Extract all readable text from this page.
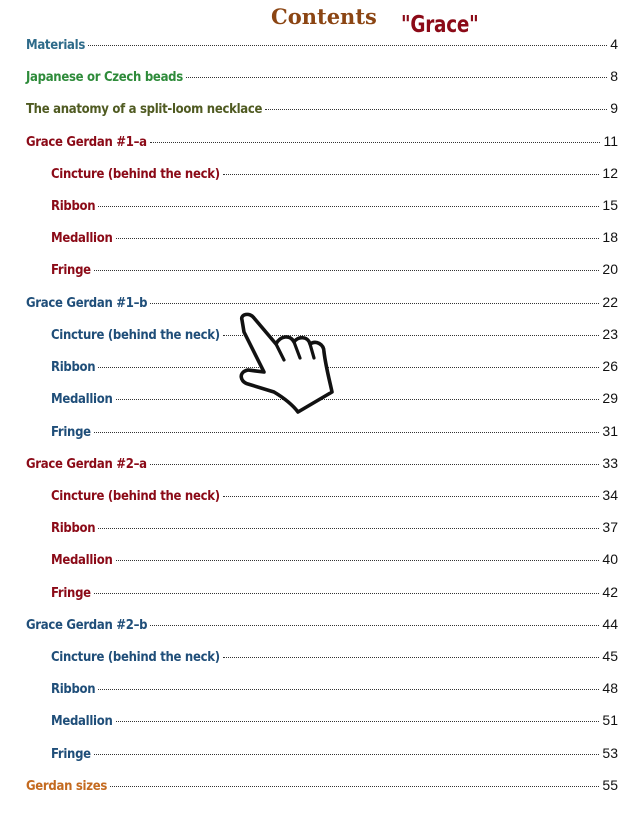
Contents "Grace"
Materials	4
Japanese or Czech beads	8
The anatomy of a split-loom necklace	9
Grace Gerdan #1–a	11
Cincture (behind the neck)	12
Ribbon	15
Medallion	18
Fringe	20
Grace Gerdan #1–b	22
Cincture (behind the neck)	23
Ribbon	26
Medallion	29
Fringe	31
Grace Gerdan #2–a	33
Cincture (behind the neck)	34
Ribbon	37
Medallion	40
Fringe	42
Grace Gerdan #2–b	44
Cincture (behind the neck)	45
Ribbon	48
Medallion	51
Fringe	53
Gerdan sizes	55
